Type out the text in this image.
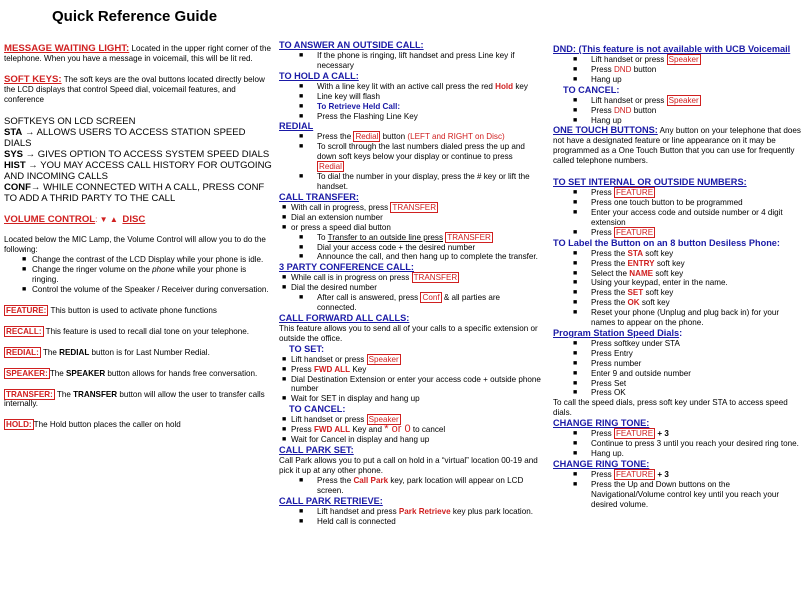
Quick Reference Guide

MESSAGE WAITING LIGHT: Located in the upper right corner of the telephone. When you have a message in voicemail, this will be lit red.

SOFT KEYS: The soft keys are the oval buttons located directly below the LCD displays that control Speed dial, voicemail features, and conference

SOFTKEYS ON LCD SCREEN
STA → ALLOWS USERS TO ACCESS STATION SPEED DIALS
SYS → GIVES OPTION TO ACCESS SYSTEM SPEED DIALS
HIST → YOU MAY ACCESS CALL HISTORY FOR OUTGOING AND INCOMING CALLS
CONF→ WHILE CONNECTED WITH A CALL, PRESS CONF TO ADD A THRID PARTY TO THE CALL
VOLUME CONTROL: ▼ ▲ DISC

Located below the MIC Lamp, the Volume Control will allow you to do the following:

■ Change the contrast of the LCD Display while your phone is idle.
■ Change the ringer volume on the phone while your phone is ringing.
■ Control the volume of the Speaker / Receiver during conversation.

FEATURE: This button is used to activate phone functions

RECALL: This feature is used to recall dial tone on your telephone.

REDIAL: The REDIAL button is for Last Number Redial.

SPEAKER: The SPEAKER button allows for hands free conversation.

TRANSFER: The TRANSFER button will allow the user to transfer calls internally.

HOLD: The Hold button places the caller on hold

TO ANSWER AN OUTSIDE CALL:
■ If the phone is ringing, lift handset and press Line key if necessary
TO HOLD A CALL:
■ With a line key lit with an active call press the red Hold key
■ Line key will flash
■ To Retrieve Held Call:
■ Press the Flashing Line Key
REDIAL
■ Press the Redial button (LEFT and RIGHT on Disc)
■ To scroll through the last numbers dialed press the up and down soft keys below your display or continue to press Redial
■ To dial the number in your display, press the # key or lift the handset.
CALL TRANSFER:
■ With call in progress, press TRANSFER
■ Dial an extension number
■ or press a speed dial button
■ To Transfer to an outside line press TRANSFER
■ Dial your access code + the desired number
■ Announce the call, and then hang up to complete the transfer.
3 PARTY CONFERENCE CALL:
■ While call is in progress on press TRANSFER
■ Dial the desired number
■ After call is answered, press Conf & all parties are connected.
CALL FORWARD ALL CALLS:

This feature allows you to send all of your calls to a specific extension or outside the office.

TO SET:
■ Lift handset or press Speaker
■ Press FWD ALL Key
■ Dial Destination Extension or enter your access code + outside phone number
■ Wait for SET in display and hang up
TO CANCEL:
■ Lift handset or press Speaker
■ Press FWD ALL Key and * or 0 to cancel
■ Wait for Cancel in display and hang up
CALL PARK SET:

Call Park allows you to put a call on hold in a “virtual” location 00-19 and pick it up at any other phone.

■ Press the Call Park key, park location will appear on LCD screen.
CALL PARK RETRIEVE:
■ Lift handset and press Park Retrieve key plus park location.
■ Held call is connected
DND: (This feature is not available with UCB Voicemail
■ Lift handset or press Speaker
■ Press DND button
■ Hang up
TO CANCEL:
■ Lift handset or press Speaker
■ Press DND button
■ Hang up

ONE TOUCH BUTTONS: Any button on your telephone that does not have a designated feature or line appearance on it may be programmed as a One Touch Button that you can use for frequently called telephone numbers.

TO SET INTERNAL OR OUTSIDE NUMBERS:
■ Press FEATURE
■ Press one touch button to be programmed
■ Enter your access code and outside number or 4 digit extension
■ Press FEATURE
TO Label the Button on an 8 button Desiless Phone:
■ Press the STA soft key
■ Press the ENTRY soft key
■ Select the NAME soft key
■ Using your keypad, enter in the name.
■ Press the SET soft key
■ Press the OK soft key
■ Reset your phone (Unplug and plug back in) for your names to appear on the phone.
Program Station Speed Dials:
■ Press softkey under STA
■ Press Entry
■ Press number
■ Enter 9 and outside number
■ Press Set
■ Press OK

To call the speed dials, press soft key under STA to access speed dials.

CHANGE RING TONE:
■ Press FEATURE + 3
■ Continue to press 3 until you reach your desired ring tone.
■ Hang up.
CHANGE RING TONE:
■ Press FEATURE + 3
■ Press the Up and Down buttons on the Navigational/Volume control key until you reach your desired volume.
